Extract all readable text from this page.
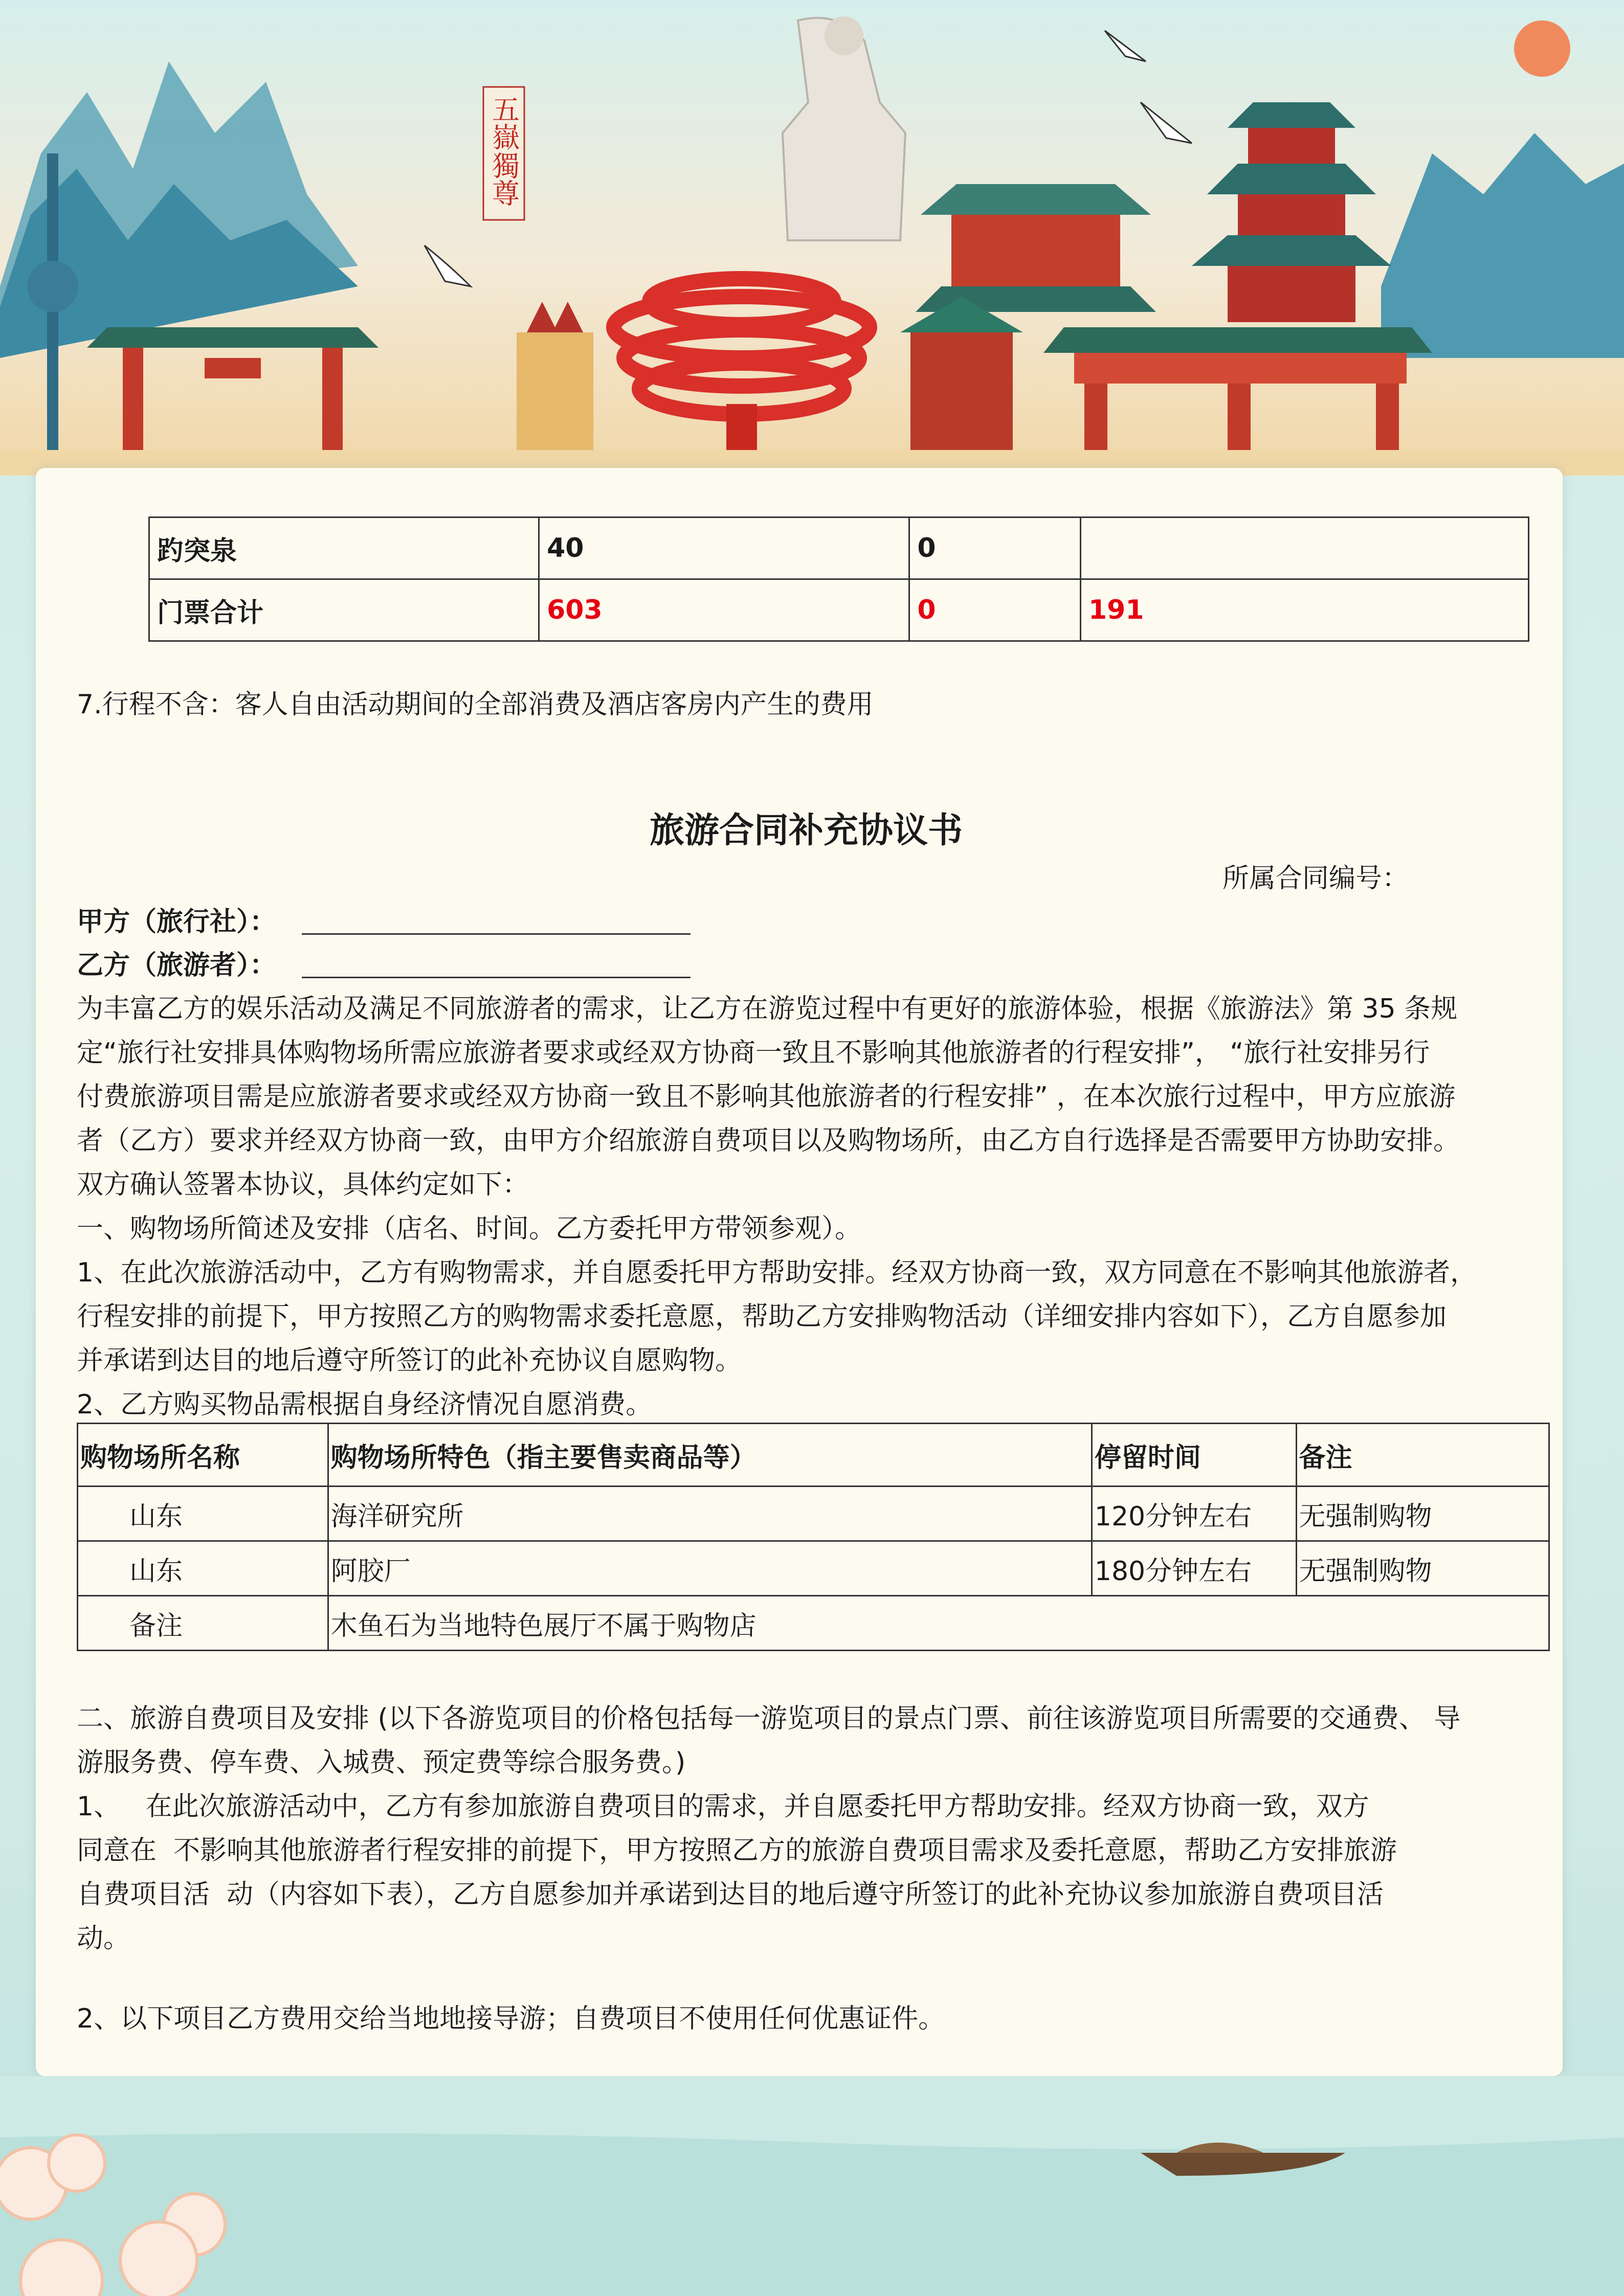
五嶽
獨尊
趵突泉	40	0	
门票合计	603	0	191
7.行程不含：客人自由活动期间的全部消费及酒店客房内产生的费用
旅游合同补充协议书
所属合同编号：
甲方（旅行社）：
乙方（旅游者）：
为丰富乙方的娱乐活动及满足不同旅游者的需求，让乙方在游览过程中有更好的旅游体验，根据《旅游法》第 35 条规
定“旅行社安排具体购物场所需应旅游者要求或经双方协商一致且不影响其他旅游者的行程安排”， “旅行社安排另行
付费旅游项目需是应旅游者要求或经双方协商一致且不影响其他旅游者的行程安排” ，在本次旅行过程中，甲方应旅游
者（乙方）要求并经双方协商一致，由甲方介绍旅游自费项目以及购物场所，由乙方自行选择是否需要甲方协助安排。
双方确认签署本协议，具体约定如下：
一、购物场所简述及安排（店名、时间。乙方委托甲方带领参观）。
1、在此次旅游活动中，乙方有购物需求，并自愿委托甲方帮助安排。经双方协商一致，双方同意在不影响其他旅游者，
行程安排的前提下，甲方按照乙方的购物需求委托意愿，帮助乙方安排购物活动（详细安排内容如下），乙方自愿参加
并承诺到达目的地后遵守所签订的此补充协议自愿购物。
2、乙方购买物品需根据自身经济情况自愿消费。
购物场所名称	购物场所特色（指主要售卖商品等）	停留时间	备注
山东	海洋研究所	120分钟左右	无强制购物
山东	阿胶厂	180分钟左右	无强制购物
备注	木鱼石为当地特色展厅不属于购物店		
二、旅游自费项目及安排 (以下各游览项目的价格包括每一游览项目的景点门票、前往该游览项目所需要的交通费、 导
游服务费、停车费、入城费、预定费等综合服务费。)
1、   在此次旅游活动中，乙方有参加旅游自费项目的需求，并自愿委托甲方帮助安排。经双方协商一致，双方
同意在  不影响其他旅游者行程安排的前提下，甲方按照乙方的旅游自费项目需求及委托意愿，帮助乙方安排旅游
自费项目活  动（内容如下表），乙方自愿参加并承诺到达目的地后遵守所签订的此补充协议参加旅游自费项目活
动。
2、以下项目乙方费用交给当地地接导游；自费项目不使用任何优惠证件。
